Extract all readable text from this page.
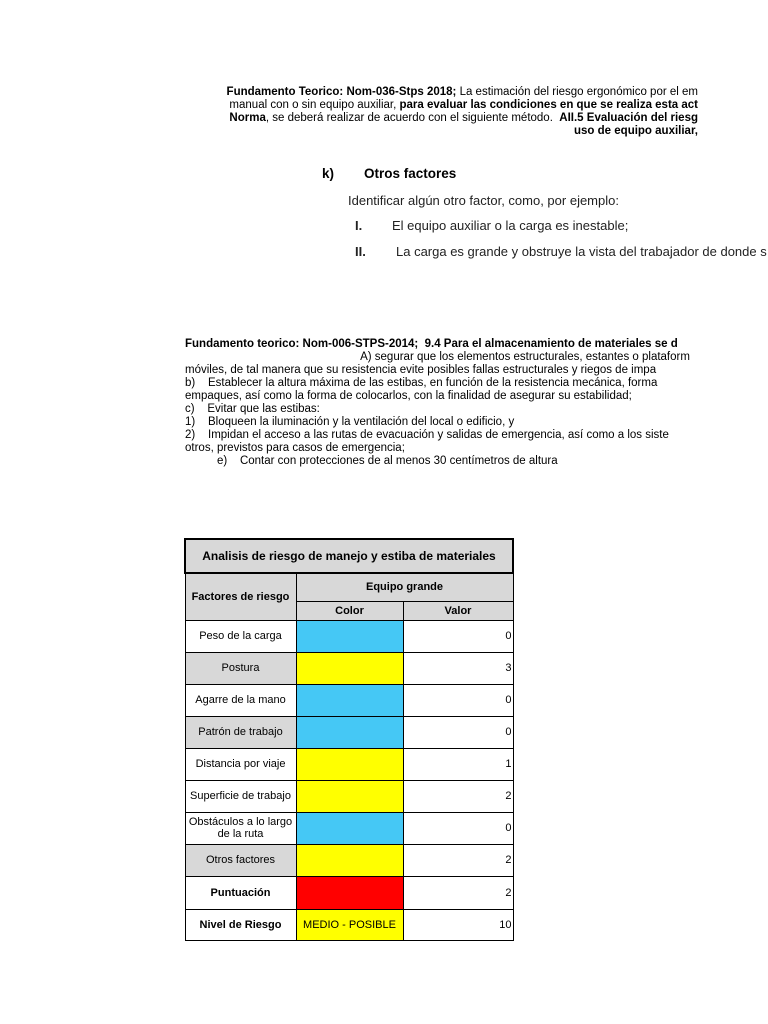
Fundamento Teorico: Nom-036-Stps 2018; La estimación del riesgo ergonómico por el em
manual con o sin equipo auxiliar, para evaluar las condiciones en que se realiza esta act
Norma, se deberá realizar de acuerdo con el siguiente método.  AII.5 Evaluación del riesg
uso de equipo auxiliar,
k) Otros factores
Identificar algún otro factor, como, por ejemplo:
I. El equipo auxiliar o la carga es inestable;
II. La carga es grande y obstruye la vista del trabajador de donde s
Fundamento teorico: Nom-006-STPS-2014;  9.4 Para el almacenamiento de materiales se d
A) segurar que los elementos estructurales, estantes o plataform
móviles, de tal manera que su resistencia evite posibles fallas estructurales y riegos de impa
b)    Establecer la altura máxima de las estibas, en función de la resistencia mecánica, forma
empaques, así como la forma de colocarlos, con la finalidad de asegurar su estabilidad;
c)    Evitar que las estibas:
1)    Bloqueen la iluminación y la ventilación del local o edificio, y
2)    Impidan el acceso a las rutas de evacuación y salidas de emergencia, así como a los siste
otros, previstos para casos de emergencia;
e)    Contar con protecciones de al menos 30 centímetros de altura
Analisis de riesgo de manejo y estiba de materiales		
Factores de riesgo	Equipo grande	
	Color	Valor
Peso de la carga		0
Postura		3
Agarre de la mano		0
Patrón de trabajo		0
Distancia por viaje		1
Superficie de trabajo		2
Obstáculos a lo largo de la ruta		0
Otros factores		2
Puntuación		2
Nivel de Riesgo	MEDIO - POSIBLE	10
